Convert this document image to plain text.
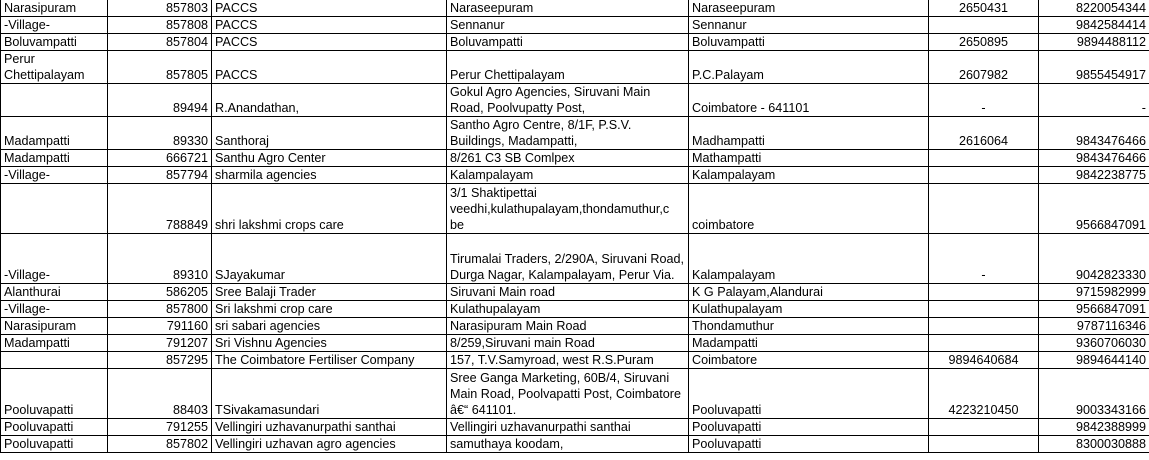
Narasipuram	857803	PACCS	Naraseepuram	Naraseepuram	2650431	8220054344
-Village-	857808	PACCS	Sennanur	Sennanur		9842584414
Boluvampatti	857804	PACCS	Boluvampatti	Boluvampatti	2650895	9894488112
Perur Chettipalayam	857805	PACCS	Perur Chettipalayam	P.C.Palayam	2607982	9855454917
	89494	R.Anandathan,	Gokul Agro Agencies, Siruvani Main Road, Poolvupatty Post,	Coimbatore - 641101	-	-
Madampatti	89330	Santhoraj	Santho Agro Centre, 8/1F, P.S.V. Buildings, Madampatti,	Madhampatti	2616064	9843476466
Madampatti	666721	Santhu Agro Center	8/261 C3 SB Comlpex	Mathampatti		9843476466
-Village-	857794	sharmila agencies	Kalampalayam	Kalampalayam		9842238775
	788849	shri lakshmi crops care	3/1 Shaktipettai veedhi,kulathupalayam,thondamuthur,c be	coimbatore		9566847091
-Village-	89310	SJayakumar	Tirumalai Traders, 2/290A, Siruvani Road, Durga Nagar, Kalampalayam, Perur Via.	Kalampalayam	-	9042823330
Alanthurai	586205	Sree Balaji Trader	Siruvani Main road	K G Palayam,Alandurai		9715982999
-Village-	857800	Sri lakshmi crop care	Kulathupalayam	Kulathupalayam		9566847091
Narasipuram	791160	sri sabari agencies	Narasipuram Main Road	Thondamuthur		9787116346
Madampatti	791207	Sri Vishnu Agencies	8/259,Siruvani main Road	Madampatti		9360706030
	857295	The Coimbatore Fertiliser Company	157, T.V.Samyroad, west R.S.Puram	Coimbatore	9894640684	9894644140
Pooluvapatti	88403	TSivakamasundari	Sree Ganga Marketing, 60B/4, Siruvani Main Road, Poolvapatti Post, Coimbatore â€“ 641101.	Pooluvapatti	4223210450	9003343166
Pooluvapatti	791255	Vellingiri uzhavanurpathi santhai	Vellingiri uzhavanurpathi santhai	Pooluvapatti		9842388999
Pooluvapatti	857802	Vellingiri uzhavan agro agencies	samuthaya koodam,	Pooluvapatti		8300030888
